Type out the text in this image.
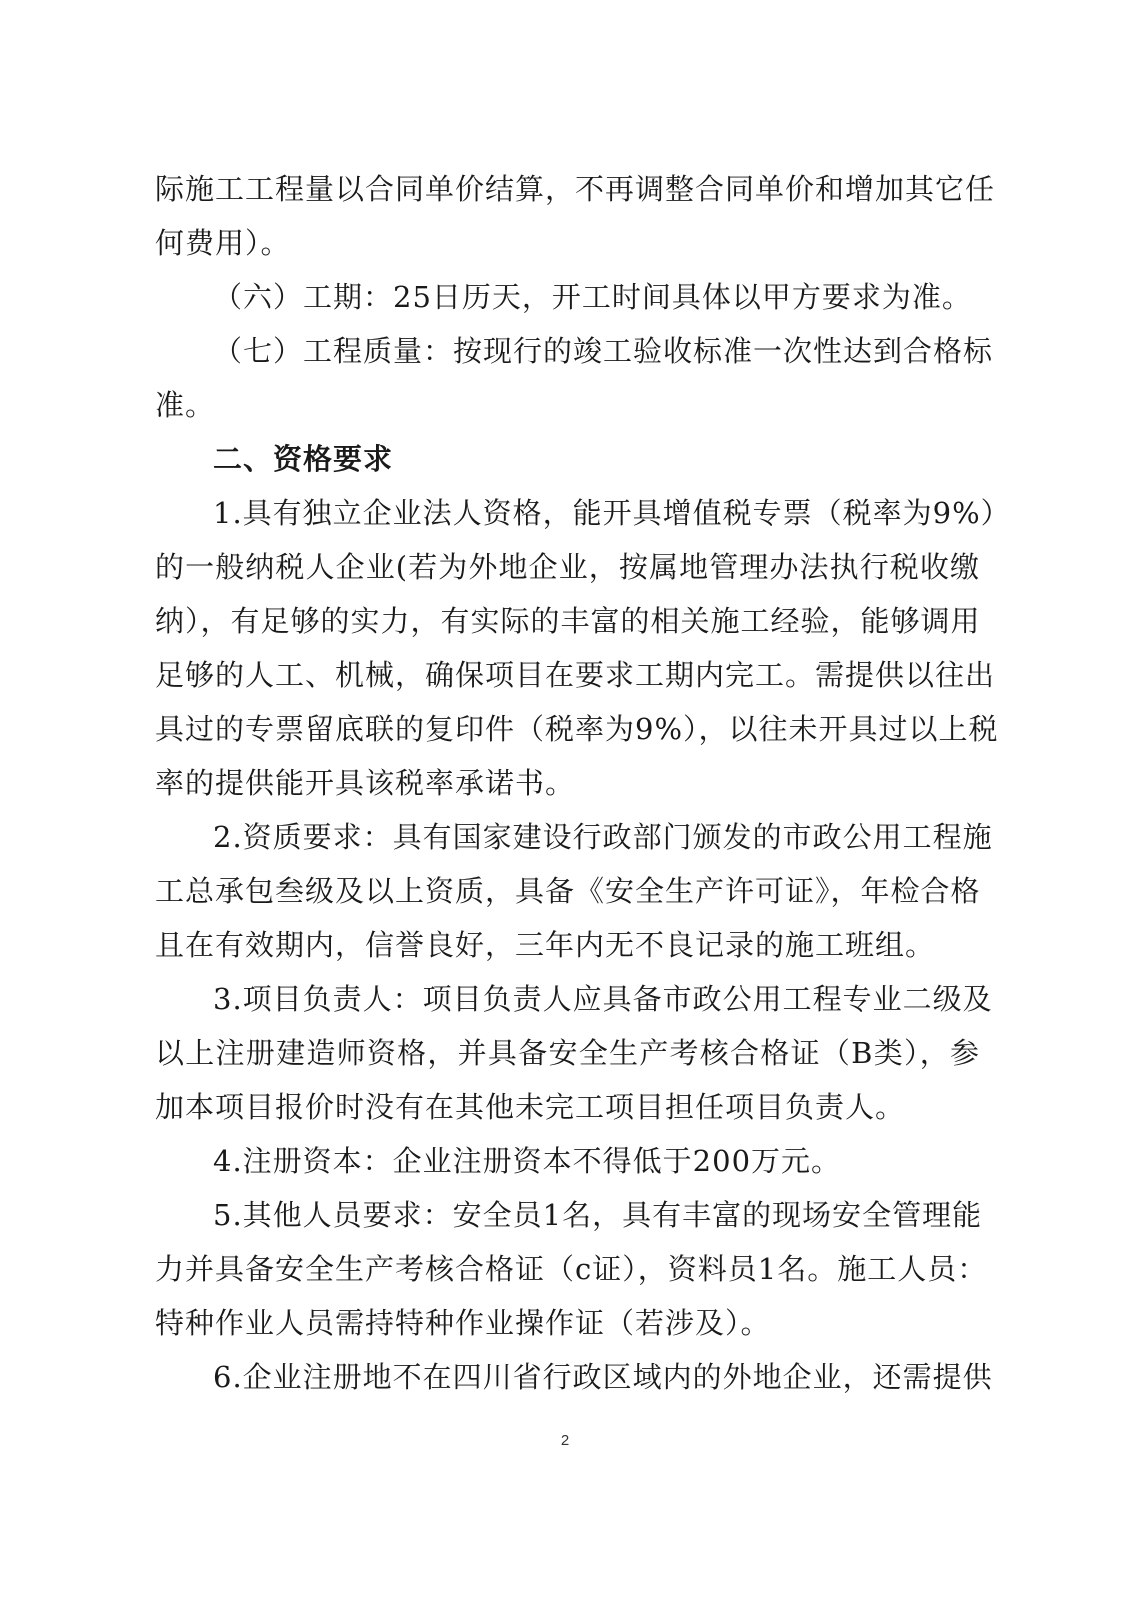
际施工工程量以合同单价结算，不再调整合同单价和增加其它任
何费用）。
（六）工期：25日历天，开工时间具体以甲方要求为准。
（七）工程质量：按现行的竣工验收标准一次性达到合格标
准。
二、资格要求
1.具有独立企业法人资格，能开具增值税专票（税率为9%）
的一般纳税人企业(若为外地企业，按属地管理办法执行税收缴
纳），有足够的实力，有实际的丰富的相关施工经验，能够调用
足够的人工、机械，确保项目在要求工期内完工。需提供以往出
具过的专票留底联的复印件（税率为9%），以往未开具过以上税
率的提供能开具该税率承诺书。
2.资质要求：具有国家建设行政部门颁发的市政公用工程施
工总承包叁级及以上资质，具备《安全生产许可证》，年检合格
且在有效期内，信誉良好，三年内无不良记录的施工班组。
3.项目负责人：项目负责人应具备市政公用工程专业二级及
以上注册建造师资格，并具备安全生产考核合格证（B类），参
加本项目报价时没有在其他未完工项目担任项目负责人。
4.注册资本：企业注册资本不得低于200万元。
5.其他人员要求：安全员1名，具有丰富的现场安全管理能
力并具备安全生产考核合格证（c证），资料员1名。施工人员：
特种作业人员需持特种作业操作证（若涉及）。
6.企业注册地不在四川省行政区域内的外地企业，还需提供
2
